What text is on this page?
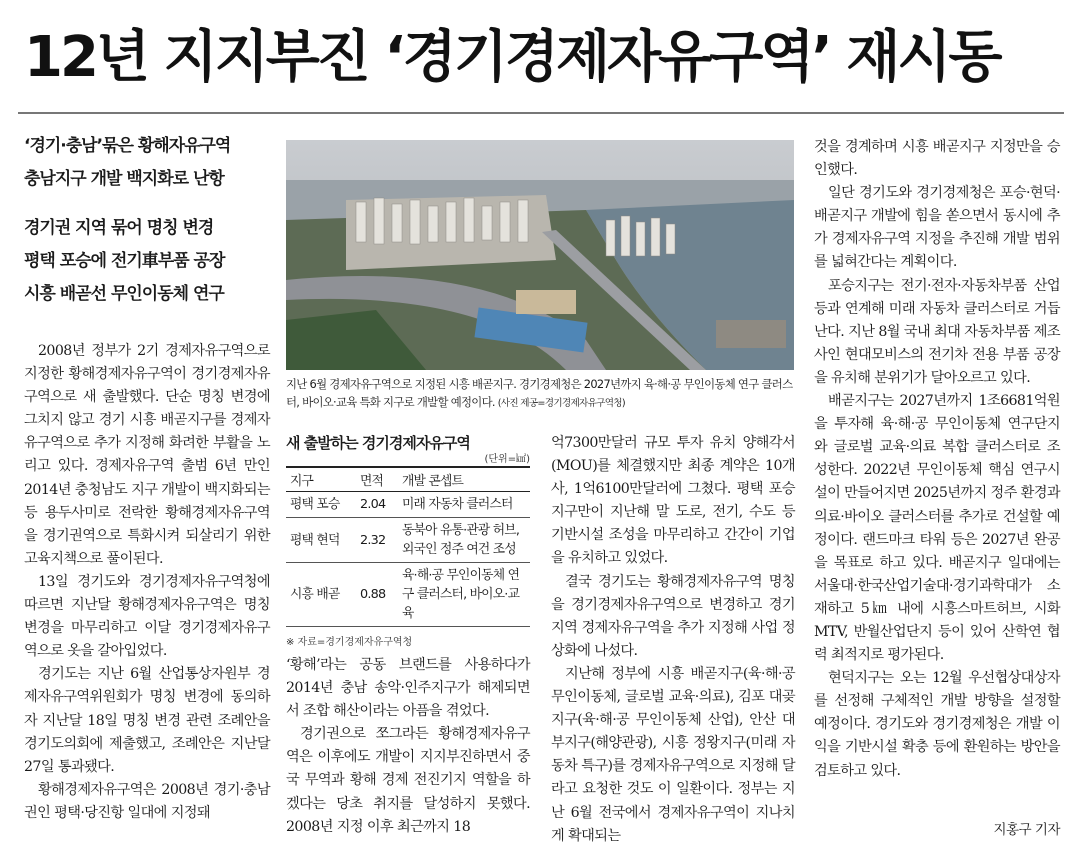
12년 지지부진 ‘경기경제자유구역’ 재시동
‘경기·충남’묶은 황해자유구역
충남지구 개발 백지화로 난항
경기권 지역 묶어 명칭 변경
평택 포승에 전기車부품 공장
시흥 배곧선 무인이동체 연구

2008년 정부가 2기 경제자유구역으로 지정한 황해경제자유구역이 경기경제자유구역으로 새 출발했다. 단순 명칭 변경에 그치지 않고 경기 시흥 배곧지구를 경제자유구역으로 추가 지정해 화려한 부활을 노리고 있다. 경제자유구역 출범 6년 만인 2014년 충청남도 지구 개발이 백지화되는 등 용두사미로 전락한 황해경제자유구역을 경기권역으로 특화시켜 되살리기 위한 고육지책으로 풀이된다.

13일 경기도와 경기경제자유구역청에 따르면 지난달 황해경제자유구역은 명칭 변경을 마무리하고 이달 경기경제자유구역으로 옷을 갈아입었다.

경기도는 지난 6월 산업통상자원부 경제자유구역위원회가 명칭 변경에 동의하자 지난달 18일 명칭 변경 관련 조례안을 경기도의회에 제출했고, 조례안은 지난달 27일 통과됐다.

황해경제자유구역은 2008년 경기·충남권인 평택·당진항 일대에 지정돼

지난 6월 경제자유구역으로 지정된 시흥 배곧지구. 경기경제청은 2027년까지 육·해·공 무인이동체 연구 클러스터, 바이오·교육 특화 지구로 개발할 예정이다. (사진 제공=경기경제자유구역청)
새 출발하는 경기경제자유구역
(단위=㎢)
지구	면적	개발 콘셉트
평택 포승	2.04	미래 자동차 클러스터
평택 현덕	2.32	동북아 유통·관광 허브, 외국인 정주 여건 조성
시흥 배곧	0.88	육·해·공 무인이동체 연구 클러스터, 바이오·교육
※ 자료=경기경제자유구역청

‘황해’라는 공동 브랜드를 사용하다가 2014년 충남 송악·인주지구가 해제되면서 조합 해산이라는 아픔을 겪었다.

경기권으로 쪼그라든 황해경제자유구역은 이후에도 개발이 지지부진하면서 중국 무역과 황해 경제 전진기지 역할을 하겠다는 당초 취지를 달성하지 못했다. 2008년 지정 이후 최근까지 18

억7300만달러 규모 투자 유치 양해각서(MOU)를 체결했지만 최종 계약은 10개사, 1억6100만달러에 그쳤다. 평택 포승지구만이 지난해 말 도로, 전기, 수도 등 기반시설 조성을 마무리하고 간간이 기업을 유치하고 있었다.

결국 경기도는 황해경제자유구역 명칭을 경기경제자유구역으로 변경하고 경기 지역 경제자유구역을 추가 지정해 사업 정상화에 나섰다.

지난해 정부에 시흥 배곧지구(육·해·공 무인이동체, 글로벌 교육·의료), 김포 대곶지구(육·해·공 무인이동체 산업), 안산 대부지구(해양관광), 시흥 정왕지구(미래 자동차 특구)를 경제자유구역으로 지정해 달라고 요청한 것도 이 일환이다. 정부는 지난 6월 전국에서 경제자유구역이 지나치게 확대되는

것을 경계하며 시흥 배곧지구 지정만을 승인했다.

일단 경기도와 경기경제청은 포승·현덕·배곧지구 개발에 힘을 쏟으면서 동시에 추가 경제자유구역 지정을 추진해 개발 범위를 넓혀간다는 계획이다.

포승지구는 전기·전자·자동차부품 산업 등과 연계해 미래 자동차 클러스터로 거듭난다. 지난 8월 국내 최대 자동차부품 제조사인 현대모비스의 전기차 전용 부품 공장을 유치해 분위기가 달아오르고 있다.

배곧지구는 2027년까지 1조6681억원을 투자해 육·해·공 무인이동체 연구단지와 글로벌 교육·의료 복합 클러스터로 조성한다. 2022년 무인이동체 핵심 연구시설이 만들어지면 2025년까지 정주 환경과 의료·바이오 클러스터를 추가로 건설할 예정이다. 랜드마크 타워 등은 2027년 완공을 목표로 하고 있다. 배곧지구 일대에는 서울대·한국산업기술대·경기과학대가 소재하고 5㎞ 내에 시흥스마트허브, 시화MTV, 반월산업단지 등이 있어 산학연 협력 최적지로 평가된다.

현덕지구는 오는 12월 우선협상대상자를 선정해 구체적인 개발 방향을 설정할 예정이다. 경기도와 경기경제청은 개발 이익을 기반시설 확충 등에 환원하는 방안을 검토하고 있다.

지홍구 기자
